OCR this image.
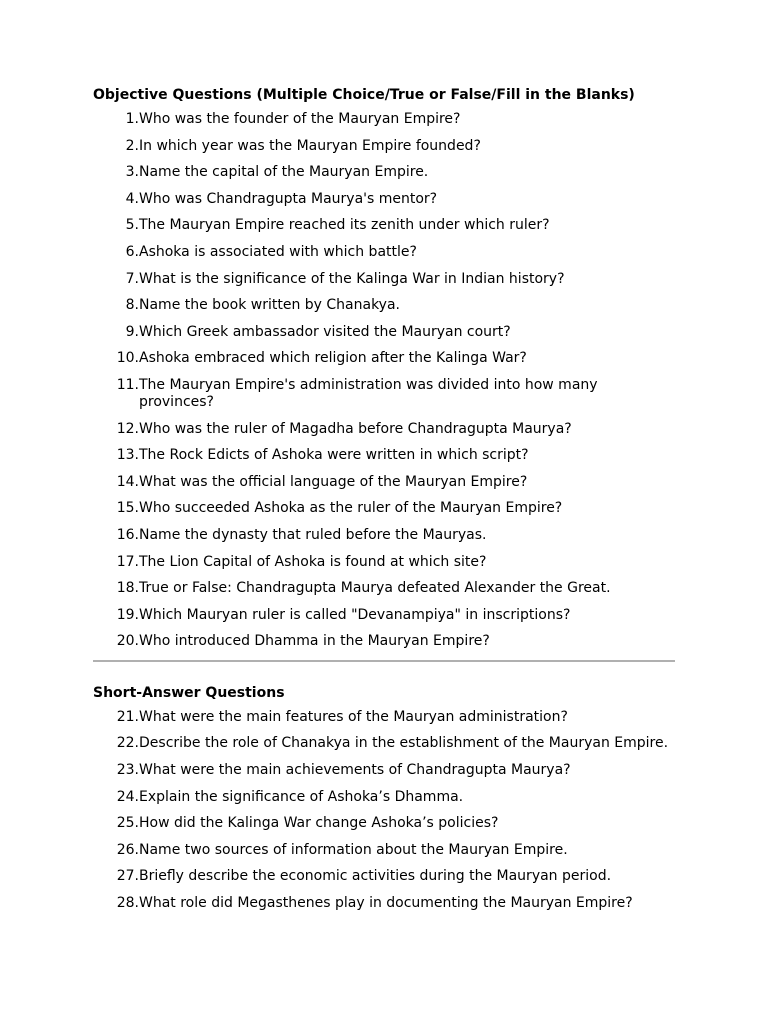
Objective Questions (Multiple Choice/True or False/Fill in the Blanks)
1. Who was the founder of the Mauryan Empire?
2. In which year was the Mauryan Empire founded?
3. Name the capital of the Mauryan Empire.
4. Who was Chandragupta Maurya's mentor?
5. The Mauryan Empire reached its zenith under which ruler?
6. Ashoka is associated with which battle?
7. What is the significance of the Kalinga War in Indian history?
8. Name the book written by Chanakya.
9. Which Greek ambassador visited the Mauryan court?
10. Ashoka embraced which religion after the Kalinga War?
11. The Mauryan Empire's administration was divided into how many provinces?
12. Who was the ruler of Magadha before Chandragupta Maurya?
13. The Rock Edicts of Ashoka were written in which script?
14. What was the official language of the Mauryan Empire?
15. Who succeeded Ashoka as the ruler of the Mauryan Empire?
16. Name the dynasty that ruled before the Mauryas.
17. The Lion Capital of Ashoka is found at which site?
18. True or False: Chandragupta Maurya defeated Alexander the Great.
19. Which Mauryan ruler is called "Devanampiya" in inscriptions?
20. Who introduced Dhamma in the Mauryan Empire?
Short-Answer Questions
21. What were the main features of the Mauryan administration?
22. Describe the role of Chanakya in the establishment of the Mauryan Empire.
23. What were the main achievements of Chandragupta Maurya?
24. Explain the significance of Ashoka’s Dhamma.
25. How did the Kalinga War change Ashoka’s policies?
26. Name two sources of information about the Mauryan Empire.
27. Briefly describe the economic activities during the Mauryan period.
28. What role did Megasthenes play in documenting the Mauryan Empire?
